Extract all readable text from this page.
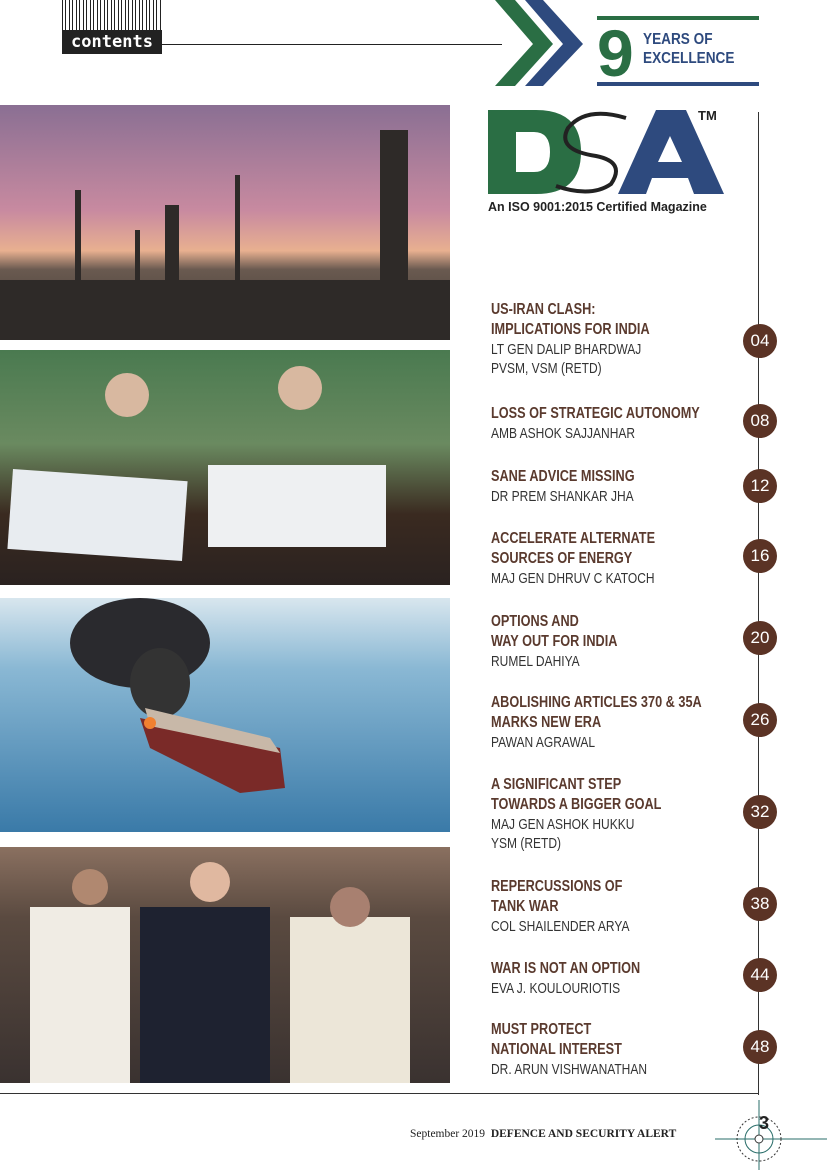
contents	9 YEARS OF
EXCELLENCE
TM
An ISO 9001:2015 Certified Magazine
US-IRAN CLASH:
IMPLICATIONS FOR INDIA
LT GEN DALIP BHARDWAJ
PVSM, VSM (RETD)
04
LOSS OF STRATEGIC AUTONOMY
AMB ASHOK SAJJANHAR
08
SANE ADVICE MISSING
DR PREM SHANKAR JHA
12
ACCELERATE ALTERNATE
SOURCES OF ENERGY
MAJ GEN DHRUV C KATOCH
16
OPTIONS AND
WAY OUT FOR INDIA
RUMEL DAHIYA
20
ABOLISHING ARTICLES 370 & 35A
MARKS NEW ERA
PAWAN AGRAWAL
26
A SIGNIFICANT STEP
TOWARDS A BIGGER GOAL
MAJ GEN ASHOK HUKKU
YSM (RETD)
32
REPERCUSSIONS OF
TANK WAR
COL SHAILENDER ARYA
38
WAR IS NOT AN OPTION
EVA J. KOULOURIOTIS
44
MUST PROTECT
NATIONAL INTEREST
DR. ARUN VISHWANATHAN
48
September 2019 DEFENCE AND SECURITY ALERT
3
